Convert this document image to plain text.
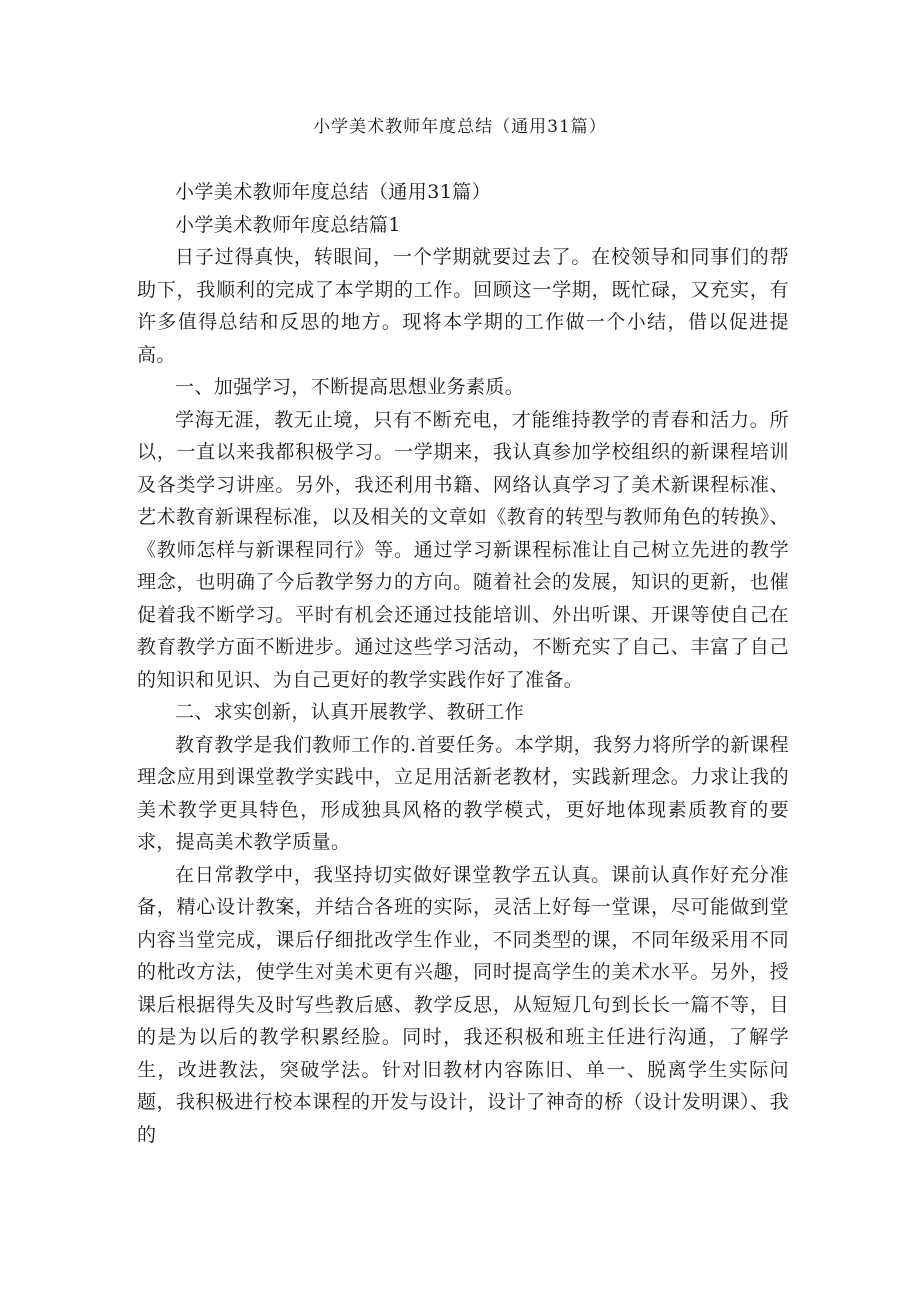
小学美术教师年度总结（通用31篇）

小学美术教师年度总结（通用31篇）

小学美术教师年度总结篇1

日子过得真快，转眼间，一个学期就要过去了。在校领导和同事们的帮助下，我顺利的完成了本学期的工作。回顾这一学期，既忙碌，又充实，有许多值得总结和反思的地方。现将本学期的工作做一个小结，借以促进提高。

一、加强学习，不断提高思想业务素质。

学海无涯，教无止境，只有不断充电，才能维持教学的青春和活力。所以，一直以来我都积极学习。一学期来，我认真参加学校组织的新课程培训及各类学习讲座。另外，我还利用书籍、网络认真学习了美术新课程标准、艺术教育新课程标准，以及相关的文章如《教育的转型与教师角色的转换》、《教师怎样与新课程同行》等。通过学习新课程标准让自己树立先进的教学理念，也明确了今后教学努力的方向。随着社会的发展，知识的更新，也催促着我不断学习。平时有机会还通过技能培训、外出听课、开课等使自己在教育教学方面不断进步。通过这些学习活动，不断充实了自己、丰富了自己的知识和见识、为自己更好的教学实践作好了准备。

二、求实创新，认真开展教学、教研工作

教育教学是我们教师工作的.首要任务。本学期，我努力将所学的新课程理念应用到课堂教学实践中，立足用活新老教材，实践新理念。力求让我的美术教学更具特色，形成独具风格的教学模式，更好地体现素质教育的要求，提高美术教学质量。

在日常教学中，我坚持切实做好课堂教学五认真。课前认真作好充分准备，精心设计教案，并结合各班的实际，灵活上好每一堂课，尽可能做到堂内容当堂完成，课后仔细批改学生作业，不同类型的课，不同年级采用不同的枇改方法，使学生对美术更有兴趣，同时提高学生的美术水平。另外，授课后根据得失及时写些教后感、教学反思，从短短几句到长长一篇不等，目的是为以后的教学积累经脸。同时，我还积极和班主任进行沟通，了解学生，改进教法，突破学法。针对旧教材内容陈旧、单一、脱离学生实际问题，我积极进行校本课程的开发与设计，设计了神奇的桥（设计发明课）、我的
